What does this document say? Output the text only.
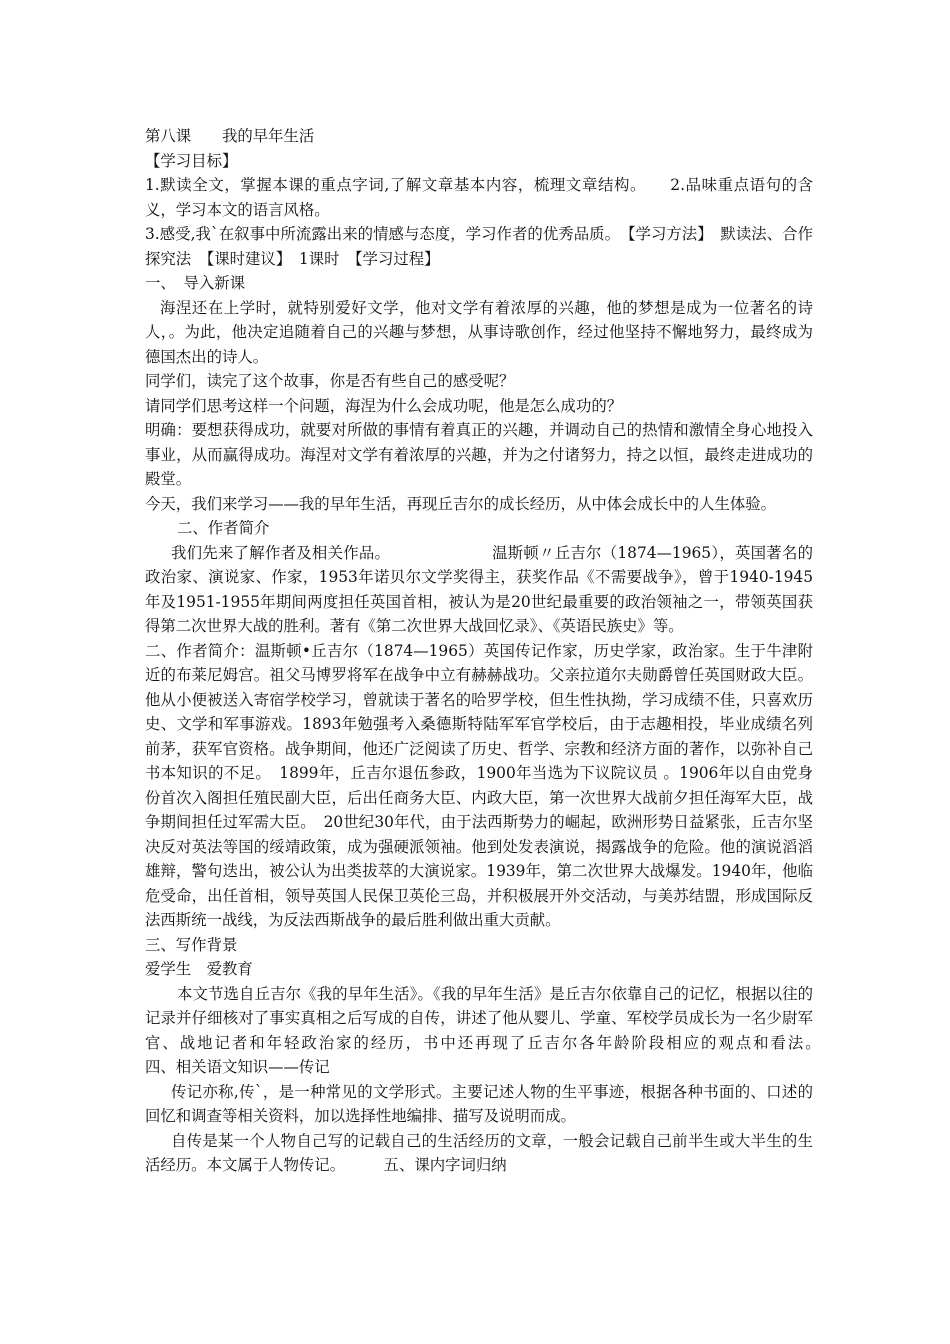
第八课　　我的早年生活

【学习目标】

1.默读全文，掌握本课的重点字词,了解文章基本内容，梳理文章结构。　　2.品味重点语句的含义，学习本文的语言风格。

3.感受,我`在叙事中所流露出来的情感与态度，学习作者的优秀品质。　【学习方法】　默读法、合作探究法　【课时建议】　1课时　【学习过程】

一、　导入新课

海涅还在上学时，就特别爱好文学，他对文学有着浓厚的兴趣，他的梦想是成为一位著名的诗人，。为此，他决定追随着自己的兴趣与梦想，从事诗歌创作，经过他坚持不懈地努力，最终成为德国杰出的诗人。

同学们，读完了这个故事，你是否有些自己的感受呢？

请同学们思考这样一个问题，海涅为什么会成功呢，他是怎么成功的？

明确：要想获得成功，就要对所做的事情有着真正的兴趣，并调动自己的热情和激情全身心地投入事业，从而赢得成功。海涅对文学有着浓厚的兴趣，并为之付诸努力，持之以恒，最终走进成功的殿堂。

今天，我们来学习——我的早年生活，再现丘吉尔的成长经历，从中体会成长中的人生体验。

二、作者简介

我们先来了解作者及相关作品。　　　　　　　温斯顿〃丘吉尔（1874—1965），英国著名的政治家、演说家、作家，1953年诺贝尔文学奖得主，获奖作品《不需要战争》，曾于1940-1945年及1951-1955年期间两度担任英国首相，被认为是20世纪最重要的政治领袖之一，带领英国获得第二次世界大战的胜利。著有《第二次世界大战回忆录》、《英语民族史》等。

二、作者简介：温斯顿•丘吉尔（1874—1965）英国传记作家，历史学家，政治家。生于牛津附近的布莱尼姆宫。祖父马博罗将军在战争中立有赫赫战功。父亲拉道尔夫勋爵曾任英国财政大臣。他从小便被送入寄宿学校学习，曾就读于著名的哈罗学校，但生性执拗，学习成绩不佳，只喜欢历史、文学和军事游戏。1893年勉强考入桑德斯特陆军军官学校后，由于志趣相投，毕业成绩名列前茅，获军官资格。战争期间，他还广泛阅读了历史、哲学、宗教和经济方面的著作，以弥补自己书本知识的不足。　1899年，丘吉尔退伍参政，1900年当选为下议院议员 。1906年以自由党身份首次入阁担任殖民副大臣，后出任商务大臣、内政大臣，第一次世界大战前夕担任海军大臣，战争期间担任过军需大臣。　20世纪30年代，由于法西斯势力的崛起，欧洲形势日益紧张，丘吉尔坚决反对英法等国的绥靖政策，成为强硬派领袖。他到处发表演说，揭露战争的危险。他的演说滔滔雄辩，警句迭出，被公认为出类拔萃的大演说家。1939年，第二次世界大战爆发。1940年，他临危受命，出任首相，领导英国人民保卫英伦三岛，并积极展开外交活动，与美苏结盟，形成国际反法西斯统一战线，为反法西斯战争的最后胜利做出重大贡献。

三、写作背景

爱学生　爱教育

本文节选自丘吉尔《我的早年生活》。《我的早年生活》是丘吉尔依靠自己的记忆，根据以往的记录并仔细核对了事实真相之后写成的自传，讲述了他从婴儿、学童、军校学员成长为一名少尉军官、战地记者和年轻政治家的经历，书中还再现了丘吉尔各年龄阶段相应的观点和看法。　　　四、相关语文知识——传记

传记亦称,传`，是一种常见的文学形式。主要记述人物的生平事迹，根据各种书面的、口述的回忆和调查等相关资料，加以选择性地编排、描写及说明而成。

自传是某一个人物自己写的记载自己的生活经历的文章，一般会记载自己前半生或大半生的生活经历。本文属于人物传记。　　　五、课内字词归纳
